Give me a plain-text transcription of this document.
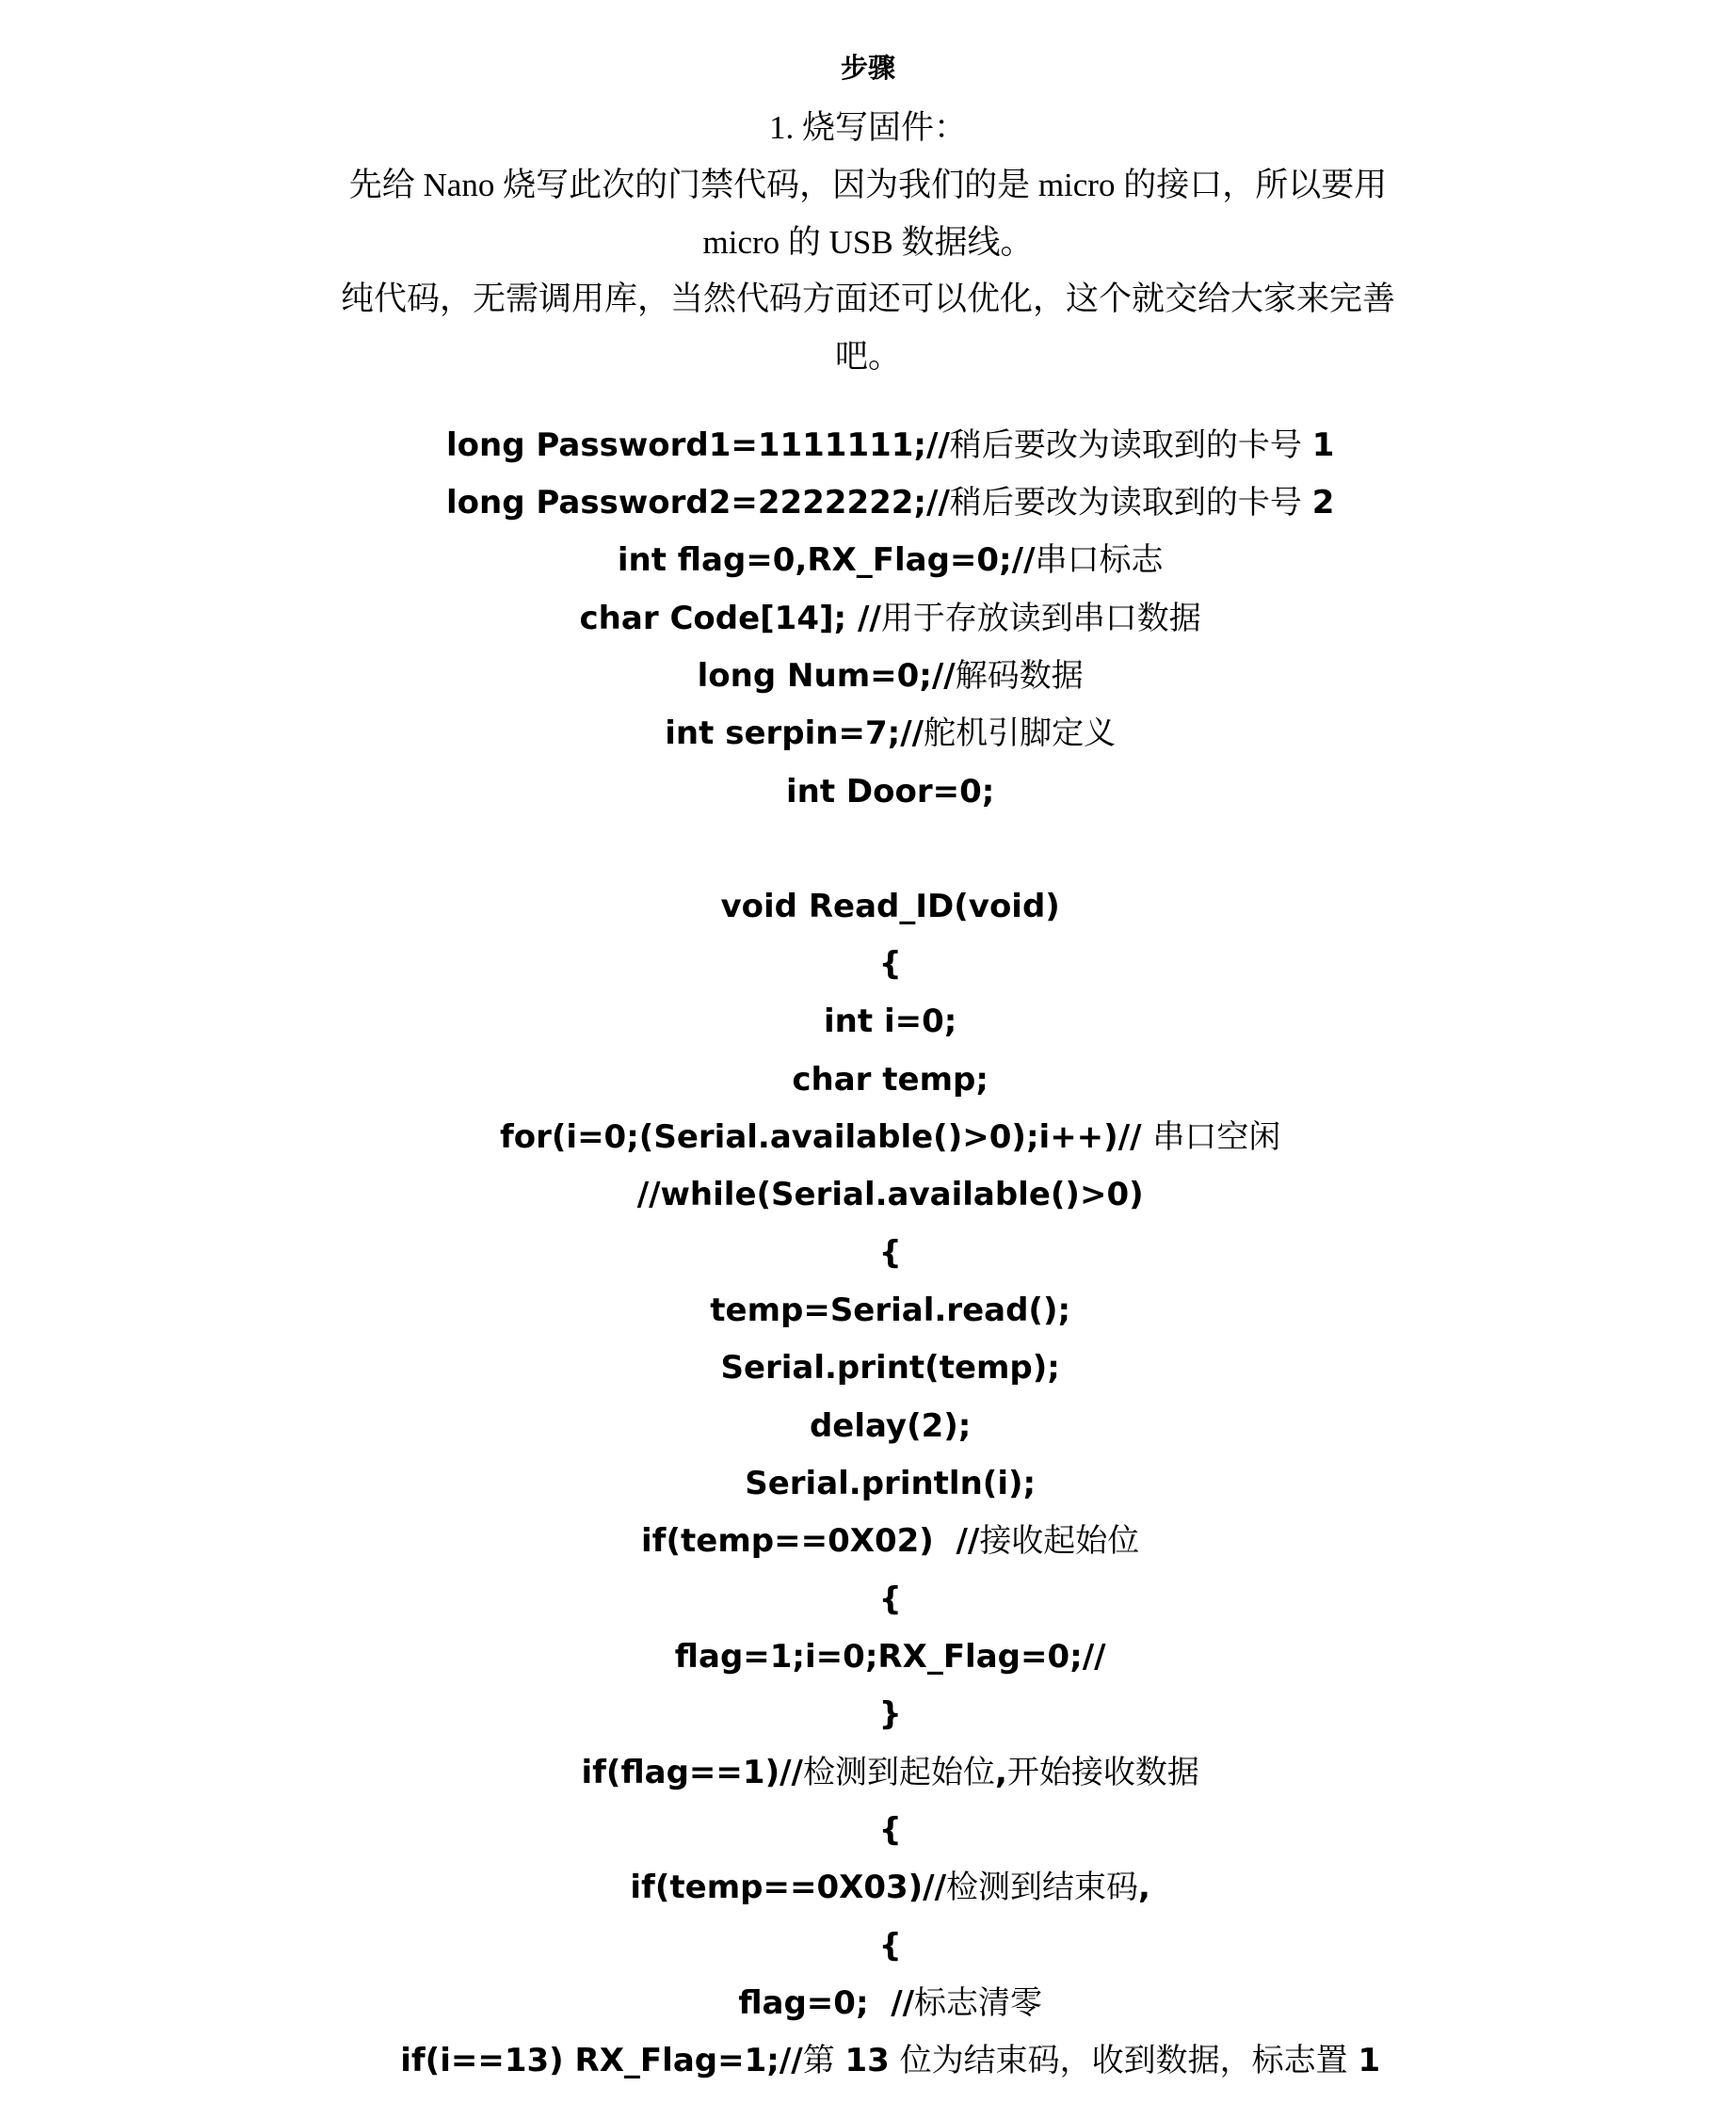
步骤
1. 烧写固件：
先给 Nano 烧写此次的门禁代码，因为我们的是 micro 的接口，所以要用
micro 的 USB 数据线。
纯代码，无需调用库，当然代码方面还可以优化，这个就交给大家来完善
吧。

long Password1=1111111;//稍后要改为读取到的卡号 1

long Password2=2222222;//稍后要改为读取到的卡号 2

int flag=0,RX_Flag=0;//串口标志

char Code[14]; //用于存放读到串口数据

long Num=0;//解码数据

int serpin=7;//舵机引脚定义

int Door=0;

void Read_ID(void)

{

int i=0;

char temp;

for(i=0;(Serial.available()>0);i++)// 串口空闲

//while(Serial.available()>0)

{

temp=Serial.read();

Serial.print(temp);

delay(2);

Serial.println(i);

if(temp==0X02)  //接收起始位

{

flag=1;i=0;RX_Flag=0;//

}

if(flag==1)//检测到起始位,开始接收数据

{

if(temp==0X03)//检测到结束码,

{

flag=0;  //标志清零

if(i==13) RX_Flag=1;//第 13 位为结束码，收到数据，标志置 1
